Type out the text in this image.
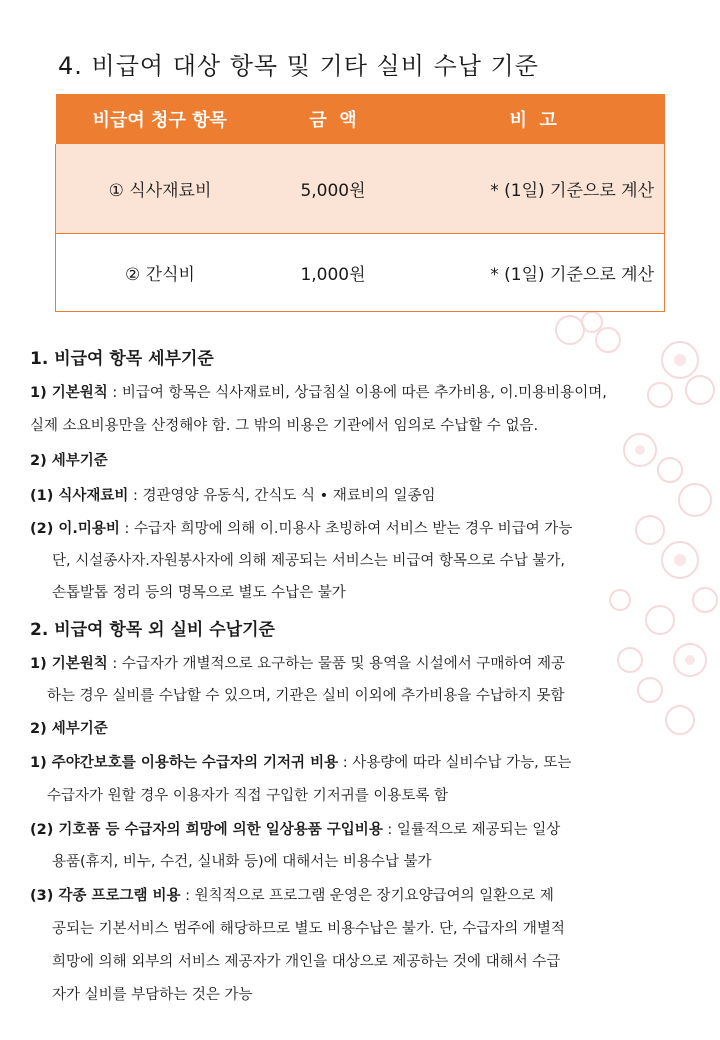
4. 비급여 대상 항목 및 기타 실비 수납 기준
비급여 청구 항목	금  액	비  고
① 식사재료비	5,000원	* (1일) 기준으로 계산
② 간식비	1,000원	* (1일) 기준으로 계산
1. 비급여 항목 세부기준
1) 기본원칙 : 비급여 항목은 식사재료비, 상급침실 이용에 따른 추가비용, 이.미용비용이며,
실제 소요비용만을 산정해야 함. 그 밖의 비용은 기관에서 임의로 수납할 수 없음.
2) 세부기준
(1) 식사재료비 : 경관영양 유동식, 간식도 식 • 재료비의 일종임
(2) 이.미용비 : 수급자 희망에 의해 이.미용사 초빙하여 서비스 받는 경우 비급여 가능
단, 시설종사자.자원봉사자에 의해 제공되는 서비스는 비급여 항목으로 수납 불가,
손톱발톱 정리 등의 명목으로 별도 수납은 불가
2. 비급여 항목 외 실비 수납기준
1) 기본원칙 : 수급자가 개별적으로 요구하는 물품 및 용역을 시설에서 구매하여 제공
하는 경우 실비를 수납할 수 있으며, 기관은 실비 이외에 추가비용을 수납하지 못함
2) 세부기준
1) 주야간보호를 이용하는 수급자의 기저귀 비용 : 사용량에 따라 실비수납 가능, 또는
수급자가 원할 경우 이용자가 직접 구입한 기저귀를 이용토록 함
(2) 기호품 등 수급자의 희망에 의한 일상용품 구입비용 : 일률적으로 제공되는 일상
용품(휴지, 비누, 수건, 실내화 등)에 대해서는 비용수납 불가
(3) 각종 프로그램 비용 : 원칙적으로 프로그램 운영은 장기요양급여의 일환으로 제
공되는 기본서비스 범주에 해당하므로 별도 비용수납은 불가. 단, 수급자의 개별적
희망에 의해 외부의 서비스 제공자가 개인을 대상으로 제공하는 것에 대해서 수급
자가 실비를 부담하는 것은 가능
